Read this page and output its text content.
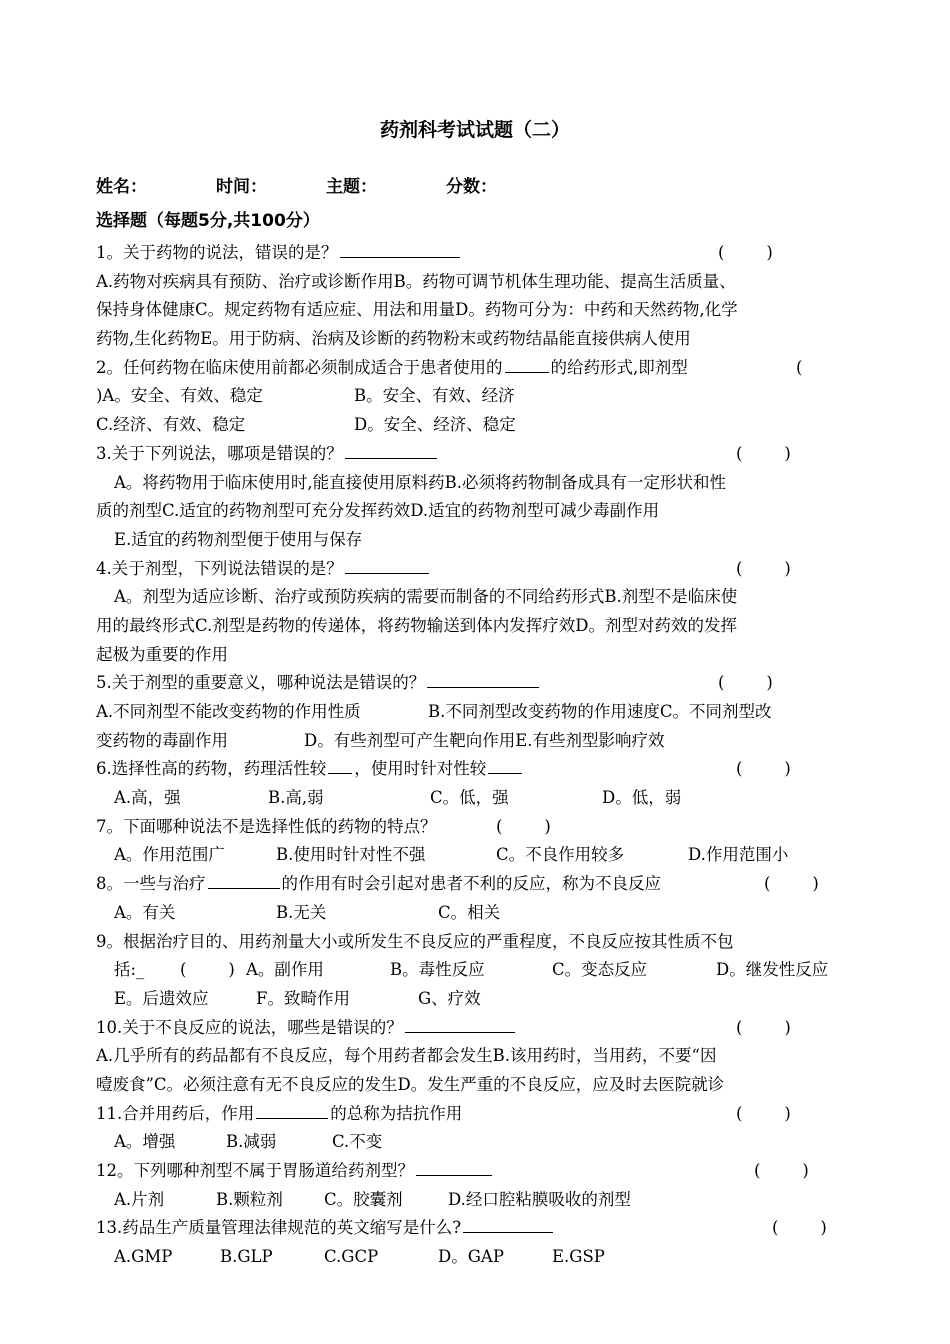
药剂科考试试题（二）
姓名：	时间：	主题：	分数：
选择题（每题5分,共100分）
1。关于药物的说法，错误的是？	(        )
A.药物对疾病具有预防、治疗或诊断作用B。药物可调节机体生理功能、提高生活质量、
保持身体健康C。规定药物有适应症、用法和用量D。药物可分为：中药和天然药物,化学
药物,生化药物E。用于防病、治病及诊断的药物粉末或药物结晶能直接供病人使用
2。任何药物在临床使用前都必须制成适合于患者使用的	的给药形式,即剂型	(
)A。安全、有效、稳定	B。安全、有效、经济
C.经济、有效、稳定	D。安全、经济、稳定
3.关于下列说法，哪项是错误的？	(        )
A。将药物用于临床使用时,能直接使用原料药B.必须将药物制备成具有一定形状和性
质的剂型C.适宜的药物剂型可充分发挥药效D.适宜的药物剂型可减少毒副作用
E.适宜的药物剂型便于使用与保存
4.关于剂型，下列说法错误的是？	(        )
A。剂型为适应诊断、治疗或预防疾病的需要而制备的不同给药形式B.剂型不是临床使
用的最终形式C.剂型是药物的传递体，将药物输送到体内发挥疗效D。剂型对药效的发挥
起极为重要的作用
5.关于剂型的重要意义，哪种说法是错误的？	(        )
A.不同剂型不能改变药物的作用性质	B.不同剂型改变药物的作用速度C。不同剂型改
变药物的毒副作用	D。有些剂型可产生靶向作用E.有些剂型影响疗效
6.选择性高的药物，药理活性较 ，使用时针对性较	(        )
A.高，强	B.高,弱	C。低，强	D。低，弱
7。下面哪种说法不是选择性低的药物的特点？	(        )
A。作用范围广	B.使用时针对性不强	C。不良作用较多	D.作用范围小
8。一些与治疗	的作用有时会引起对患者不利的反应，称为不良反应	(        )
A。有关	B.无关	C。相关
9。根据治疗目的、用药剂量大小或所发生不良反应的严重程度，不良反应按其性质不包
括:_ (        ) A。副作用	B。毒性反应	C。变态反应	D。继发性反应
E。后遗效应	F。致畸作用	G、疗效
10.关于不良反应的说法，哪些是错误的？	(        )
A.几乎所有的药品都有不良反应，每个用药者都会发生B.该用药时，当用药，不要“因
噎废食”C。必须注意有无不良反应的发生D。发生严重的不良反应，应及时去医院就诊
11.合并用药后，作用	的总称为拮抗作用	(        )
A。增强	B.减弱	C.不变
12。下列哪种剂型不属于胃肠道给药剂型？	(        )
A.片剂	B.颗粒剂 C。胶囊剂	D.经口腔粘膜吸收的剂型
13.药品生产质量管理法律规范的英文缩写是什么?	(        )
A.GMP	B.GLP	C.GCP	D。GAP	E.GSP
